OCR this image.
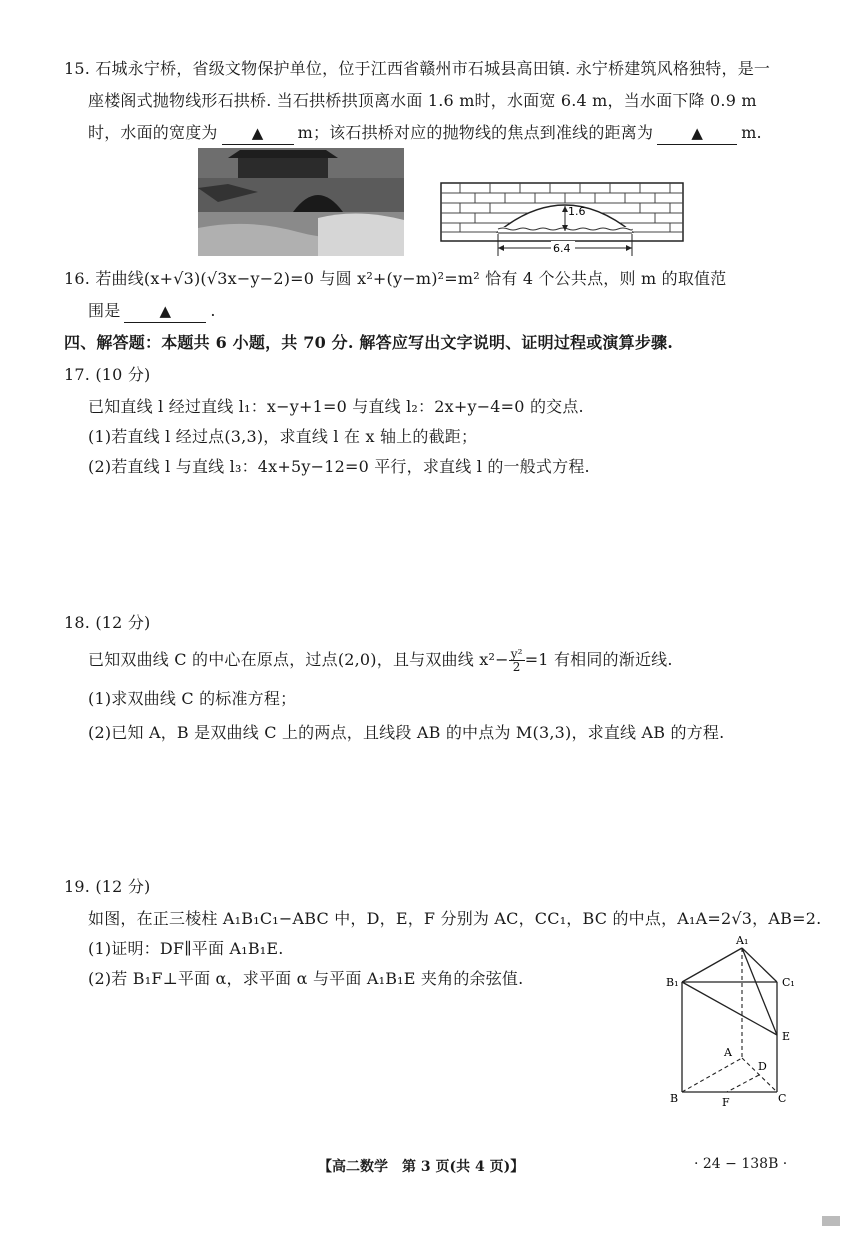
15. 石城永宁桥，省级文物保护单位，位于江西省赣州市石城县高田镇. 永宁桥建筑风格独特，是一
座楼阁式抛物线形石拱桥. 当石拱桥拱顶离水面 1.6 m时，水面宽 6.4 m，当水面下降 0.9 m
时，水面的宽度为 ▲ m；该石拱桥对应的抛物线的焦点到准线的距离为	▲ m.
1.6
6.4
16. 若曲线(x+√3)(√3x−y−2)=0 与圆 x²+(y−m)²=m² 恰有 4 个公共点，则 m 的取值范
围是	▲ .
四、解答题：本题共 6 小题，共 70 分. 解答应写出文字说明、证明过程或演算步骤.
17. (10 分)
已知直线 l 经过直线 l₁：x−y+1=0 与直线 l₂：2x+y−4=0 的交点.
(1)若直线 l 经过点(3,3)，求直线 l 在 x 轴上的截距；
(2)若直线 l 与直线 l₃：4x+5y−12=0 平行，求直线 l 的一般式方程.
18. (12 分)
已知双曲线 C 的中心在原点，过点(2,0)，且与双曲线 $x^2- \frac{\text{y²}}{2} =1$ 有相同的渐近线.
(1)求双曲线 C 的标准方程；
(2)已知 A，B 是双曲线 C 上的两点，且线段 AB 的中点为 M(3,3)，求直线 AB 的方程.
19. (12 分)
如图，在正三棱柱 A₁B₁C₁−ABC 中，D，E，F 分别为 AC，CC₁，BC 的中点，A₁A=2√3，AB=2.
(1)证明：DF∥平面 A₁B₁E.
(2)若 B₁F⊥平面 α，求平面 α 与平面 A₁B₁E 夹角的余弦值.
A₁
B₁	C₁
E
A
D
B	F	C
【高二数学　第 3 页(共 4 页)】	· 24 − 138B ·
